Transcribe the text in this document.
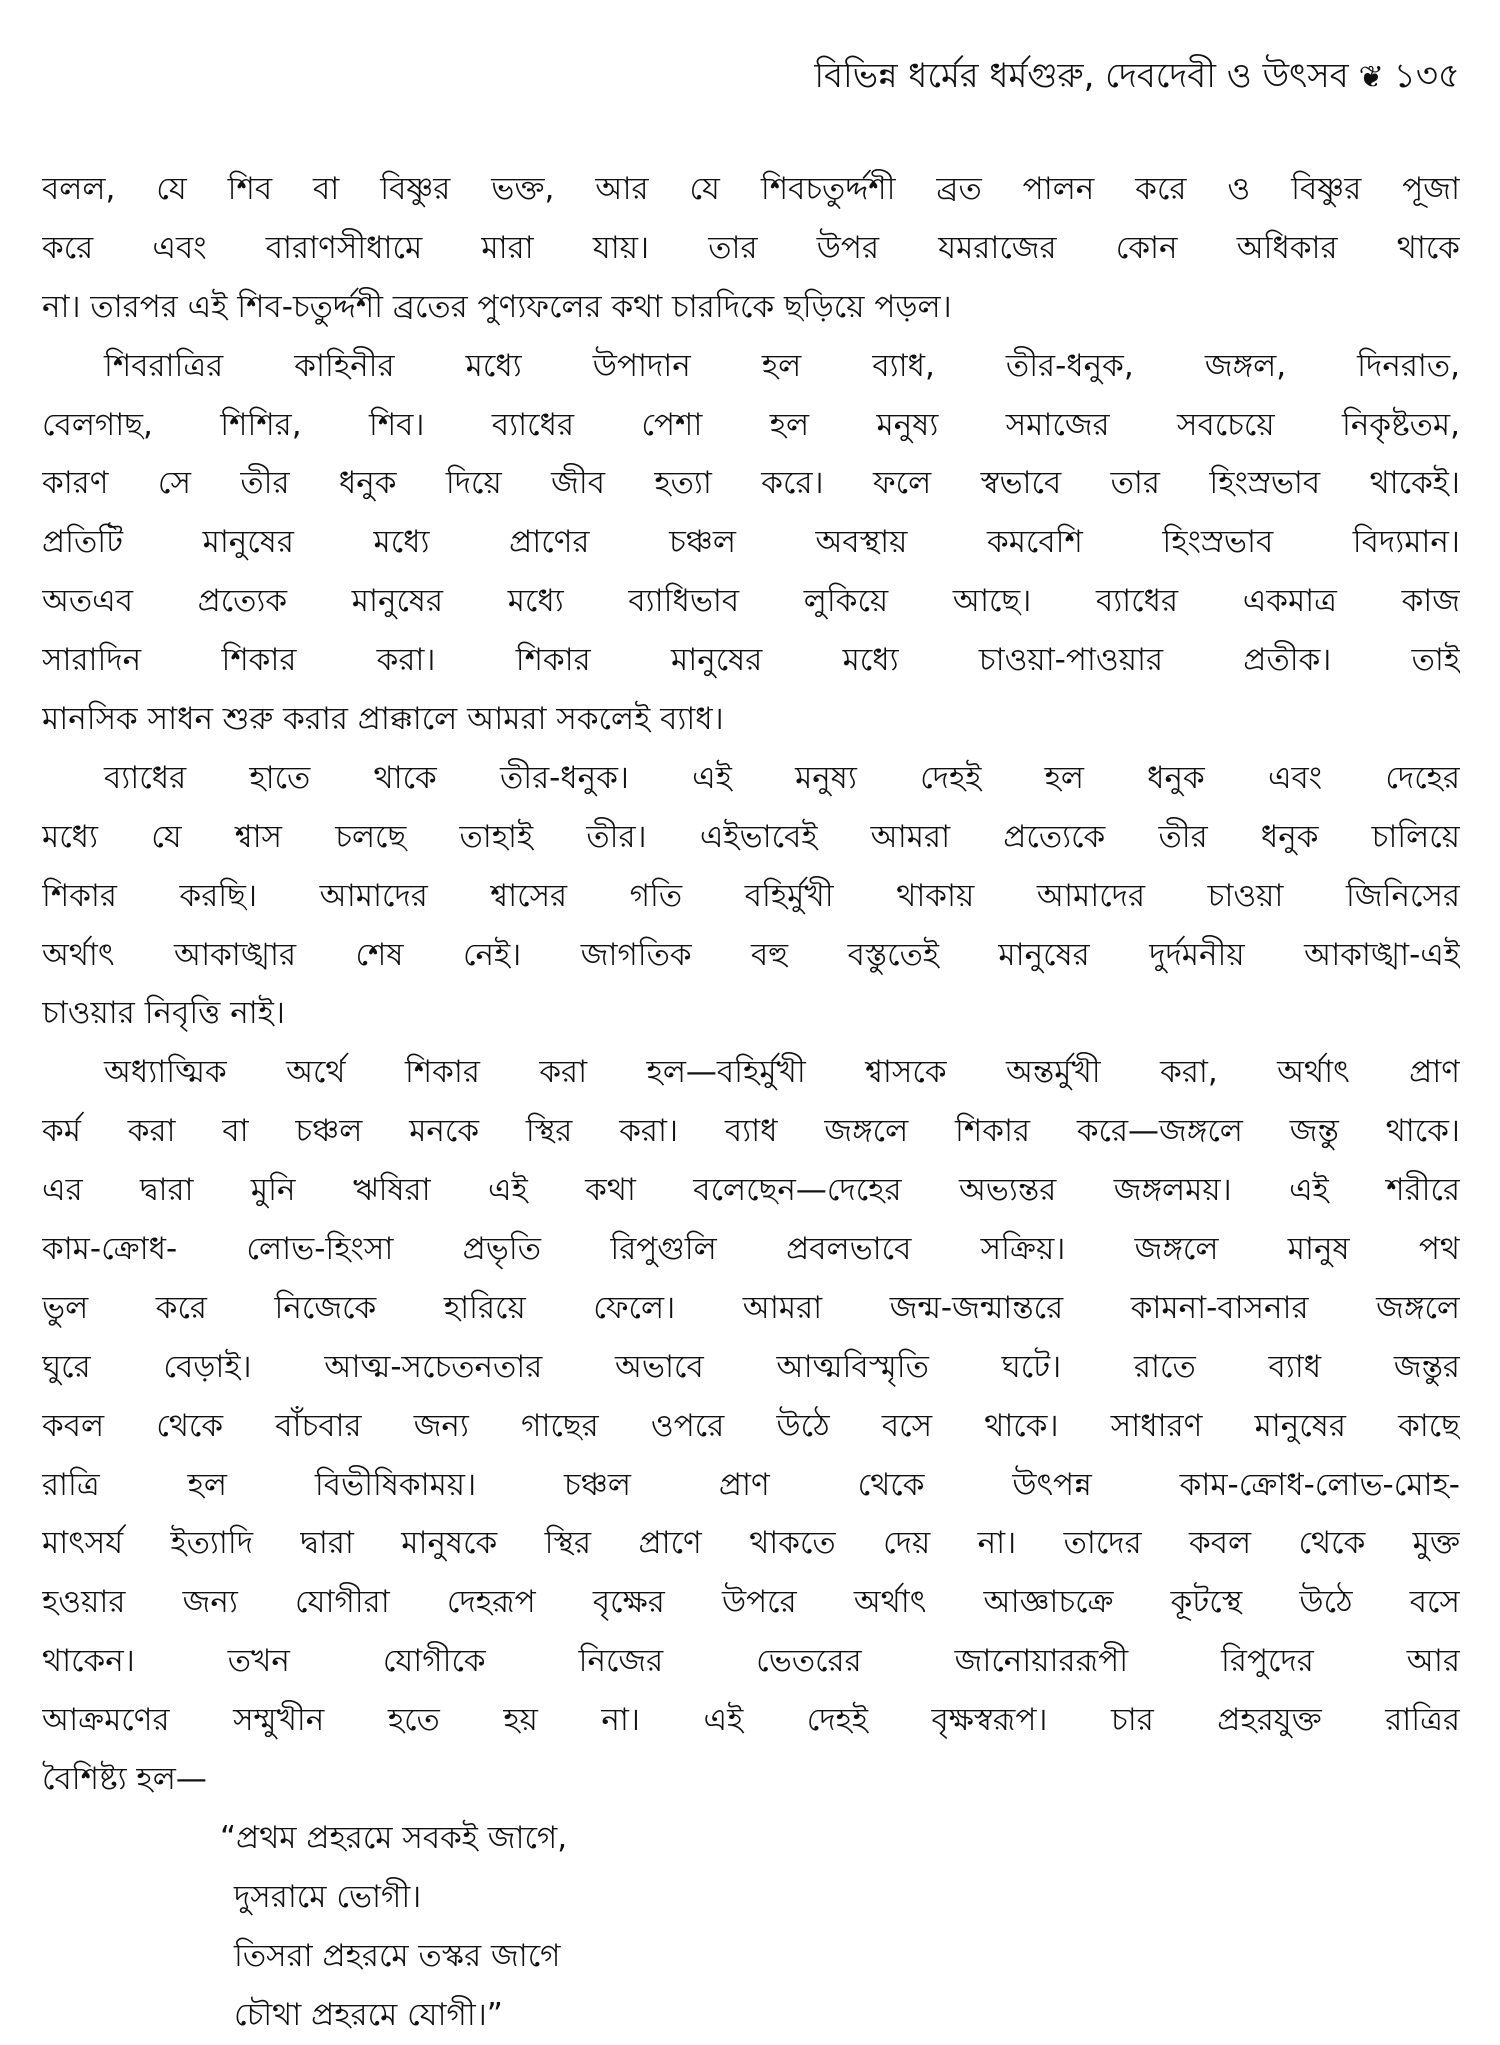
বিভিন্ন ধর্মের ধর্মগুরু, দেবদেবী ও উৎসব ❦ ১৩৫
বলল, যে শিব বা বিষ্ণুর ভক্ত, আর যে শিবচতুর্দ্দশী ব্রত পালন করে ও বিষ্ণুর পূজা
করে এবং বারাণসীধামে মারা যায়। তার উপর যমরাজের কোন অধিকার থাকে
না। তারপর এই শিব-চতুর্দ্দশী ব্রতের পুণ্যফলের কথা চারদিকে ছড়িয়ে পড়ল।
শিবরাত্রির কাহিনীর মধ্যে উপাদান হল ব্যাধ, তীর-ধনুক, জঙ্গল, দিনরাত,
বেলগাছ, শিশির, শিব। ব্যাধের পেশা হল মনুষ্য সমাজের সবচেয়ে নিকৃষ্টতম,
কারণ সে তীর ধনুক দিয়ে জীব হত্যা করে। ফলে স্বভাবে তার হিংস্রভাব থাকেই।
প্রতিটি মানুষের মধ্যে প্রাণের চঞ্চল অবস্থায় কমবেশি হিংস্রভাব বিদ্যমান।
অতএব প্রত্যেক মানুষের মধ্যে ব্যাধিভাব লুকিয়ে আছে। ব্যাধের একমাত্র কাজ
সারাদিন শিকার করা। শিকার মানুষের মধ্যে চাওয়া-পাওয়ার প্রতীক। তাই
মানসিক সাধন শুরু করার প্রাক্কালে আমরা সকলেই ব্যাধ।
ব্যাধের হাতে থাকে তীর-ধনুক। এই মনুষ্য দেহই হল ধনুক এবং দেহের
মধ্যে যে শ্বাস চলছে তাহাই তীর। এইভাবেই আমরা প্রত্যেকে তীর ধনুক চালিয়ে
শিকার করছি। আমাদের শ্বাসের গতি বহির্মুখী থাকায় আমাদের চাওয়া জিনিসের
অর্থাৎ আকাঙ্খার শেষ নেই। জাগতিক বহু বস্তুতেই মানুষের দুর্দমনীয় আকাঙ্খা-এই
চাওয়ার নিবৃত্তি নাই।
অধ্যাত্মিক অর্থে শিকার করা হল—বহির্মুখী শ্বাসকে অন্তর্মুখী করা, অর্থাৎ প্রাণ
কর্ম করা বা চঞ্চল মনকে স্থির করা। ব্যাধ জঙ্গলে শিকার করে—জঙ্গলে জন্তু থাকে।
এর দ্বারা মুনি ঋষিরা এই কথা বলেছেন—দেহের অভ্যন্তর জঙ্গলময়। এই শরীরে
কাম-ক্রোধ- লোভ-হিংসা প্রভৃতি রিপুগুলি প্রবলভাবে সক্রিয়। জঙ্গলে মানুষ পথ
ভুল করে নিজেকে হারিয়ে ফেলে। আমরা জন্ম-জন্মান্তরে কামনা-বাসনার জঙ্গলে
ঘুরে বেড়াই। আত্ম-সচেতনতার অভাবে আত্মবিস্মৃতি ঘটে। রাতে ব্যাধ জন্তুর
কবল থেকে বাঁচবার জন্য গাছের ওপরে উঠে বসে থাকে। সাধারণ মানুষের কাছে
রাত্রি হল বিভীষিকাময়। চঞ্চল প্রাণ থেকে উৎপন্ন কাম-ক্রোধ-লোভ-মোহ-
মাৎসর্য ইত্যাদি দ্বারা মানুষকে স্থির প্রাণে থাকতে দেয় না। তাদের কবল থেকে মুক্ত
হওয়ার জন্য যোগীরা দেহরূপ বৃক্ষের উপরে অর্থাৎ আজ্ঞাচক্রে কূটস্থে উঠে বসে
থাকেন। তখন যোগীকে নিজের ভেতরের জানোয়াররূপী রিপুদের আর
আক্রমণের সম্মুখীন হতে হয় না। এই দেহই বৃক্ষস্বরূপ। চার প্রহরযুক্ত রাত্রির
বৈশিষ্ট্য হল—
“প্রথম প্রহরমে সবকই জাগে,
দুসরামে ভোগী।
তিসরা প্রহরমে তস্কর জাগে
চৌথা প্রহরমে যোগী।”
